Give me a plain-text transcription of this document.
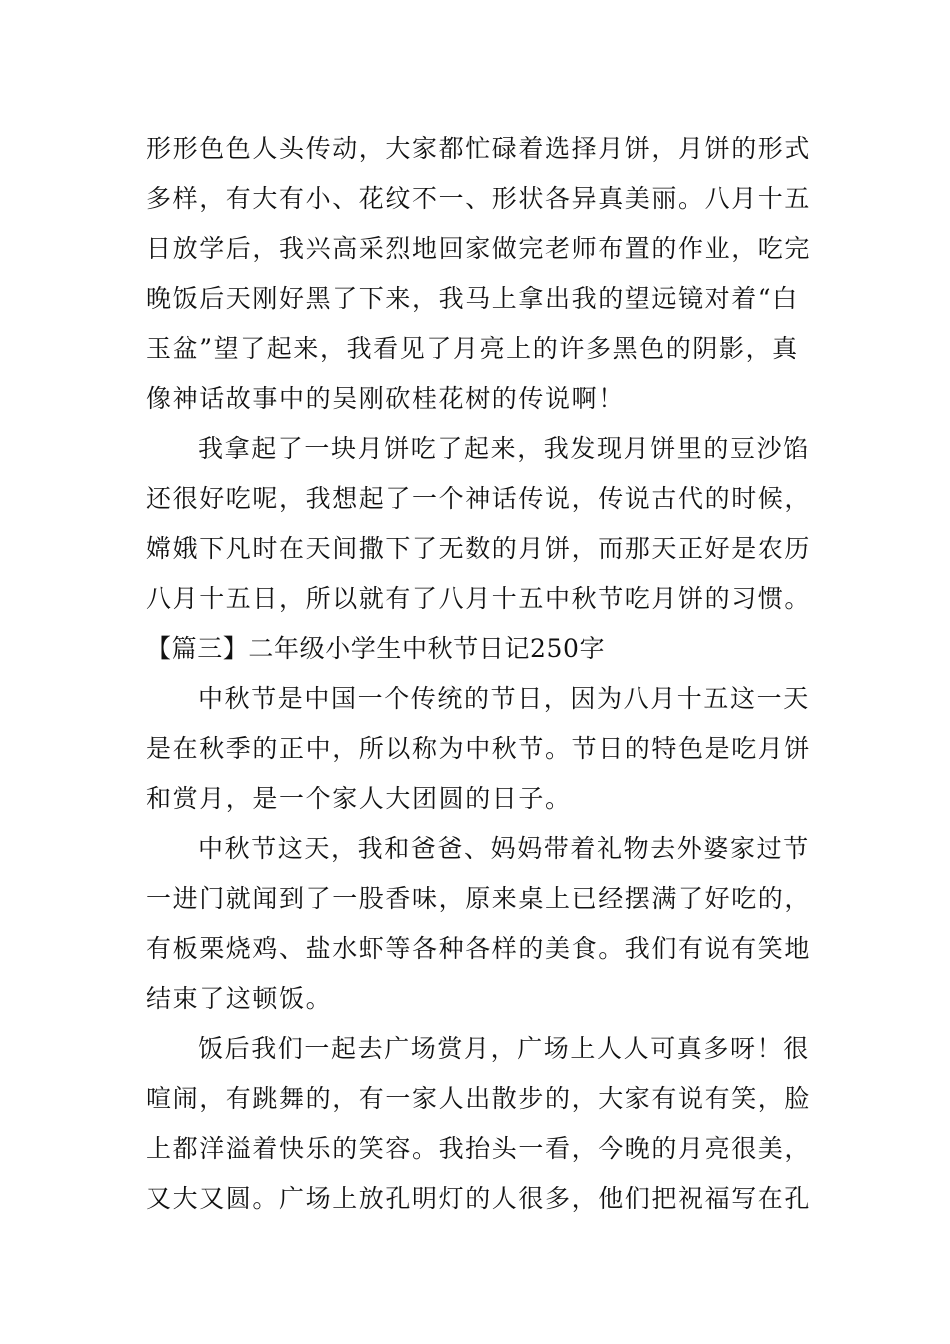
形形色色人头传动，大家都忙碌着选择月饼，月饼的形式
多样，有大有小、花纹不一、形状各异真美丽。八月十五
日放学后，我兴高采烈地回家做完老师布置的作业，吃完
晚饭后天刚好黑了下来，我马上拿出我的望远镜对着“白
玉盆”望了起来，我看见了月亮上的许多黑色的阴影，真
像神话故事中的吴刚砍桂花树的传说啊！
我拿起了一块月饼吃了起来，我发现月饼里的豆沙馅
还很好吃呢，我想起了一个神话传说，传说古代的时候，
嫦娥下凡时在天间撒下了无数的月饼，而那天正好是农历
八月十五日，所以就有了八月十五中秋节吃月饼的习惯。
【篇三】二年级小学生中秋节日记250字
中秋节是中国一个传统的节日，因为八月十五这一天
是在秋季的正中，所以称为中秋节。节日的特色是吃月饼
和赏月，是一个家人大团圆的日子。
中秋节这天，我和爸爸、妈妈带着礼物去外婆家过节
一进门就闻到了一股香味，原来桌上已经摆满了好吃的，
有板栗烧鸡、盐水虾等各种各样的美食。我们有说有笑地
结束了这顿饭。
饭后我们一起去广场赏月，广场上人人可真多呀！很
喧闹，有跳舞的，有一家人出散步的，大家有说有笑，脸
上都洋溢着快乐的笑容。我抬头一看，今晚的月亮很美，
又大又圆。广场上放孔明灯的人很多，他们把祝福写在孔
